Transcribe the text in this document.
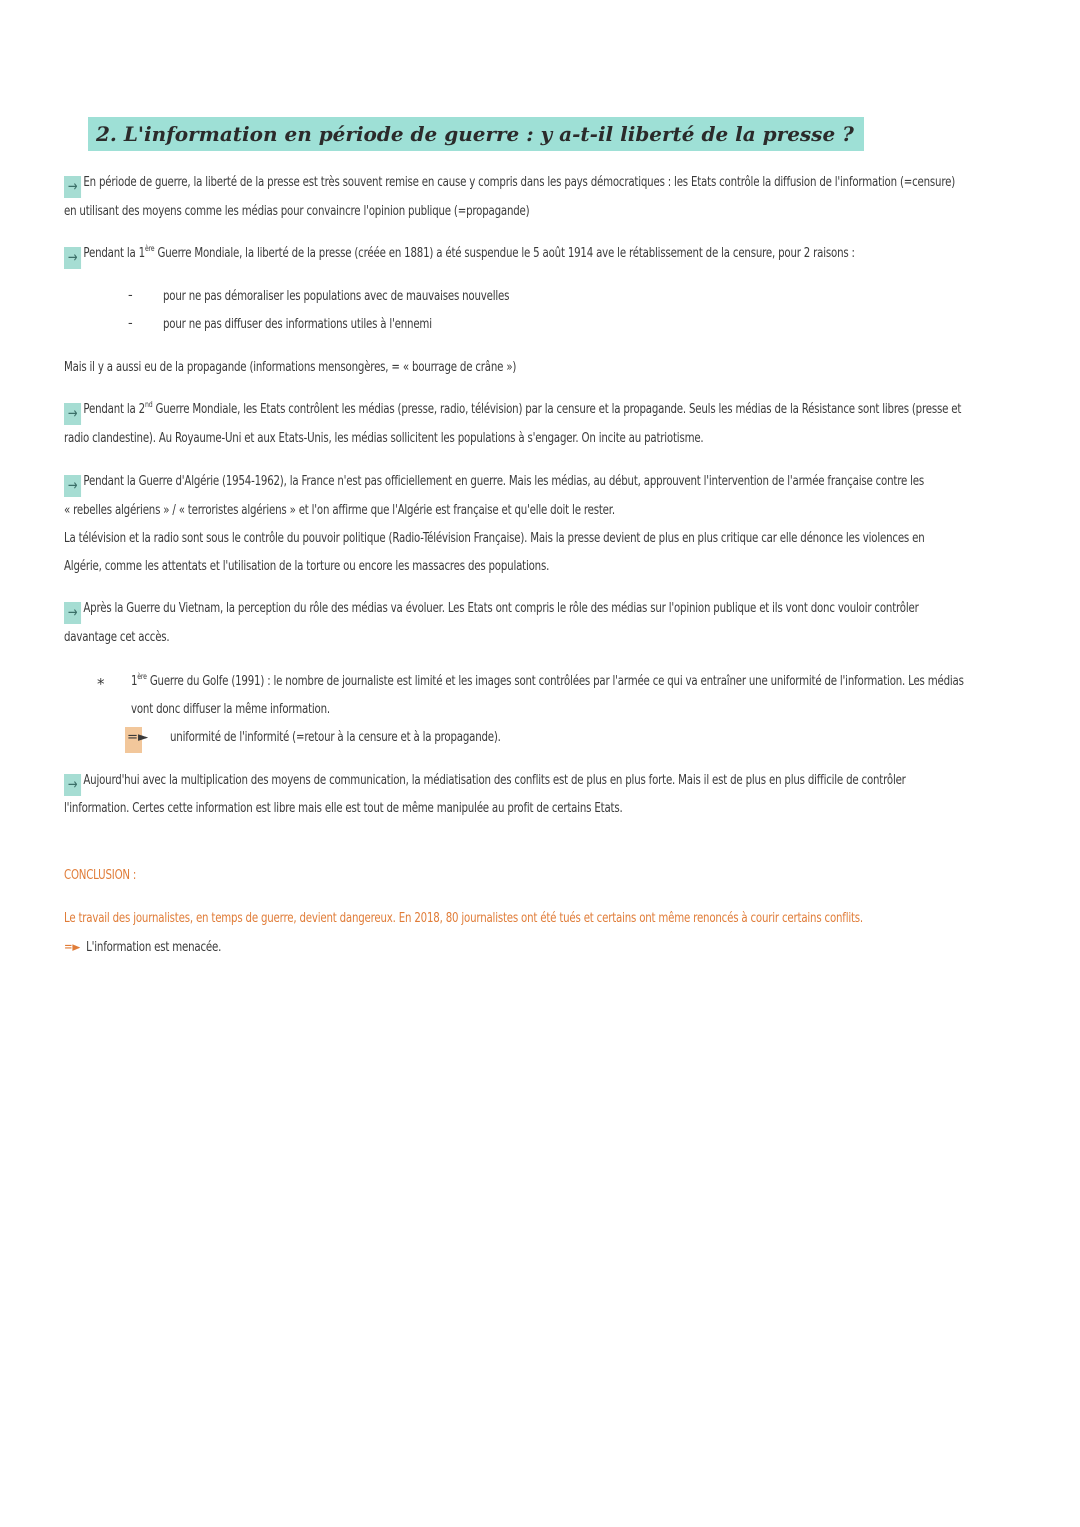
2. L'information en période de guerre : y a-t-il liberté de la presse ?
→ En période de guerre, la liberté de la presse est très souvent remise en cause y compris dans les pays démocratiques : les Etats contrôle la diffusion de l'information (=censure)
en utilisant des moyens comme les médias pour convaincre l'opinion publique (=propagande)
→ Pendant la 1ère Guerre Mondiale, la liberté de la presse (créée en 1881) a été suspendue le 5 août 1914 ave le rétablissement de la censure, pour 2 raisons :
- pour ne pas démoraliser les populations avec de mauvaises nouvelles
- pour ne pas diffuser des informations utiles à l'ennemi
Mais il y a aussi eu de la propagande (informations mensongères, = « bourrage de crâne »)
→ Pendant la 2nd Guerre Mondiale, les Etats contrôlent les médias (presse, radio, télévision) par la censure et la propagande. Seuls les médias de la Résistance sont libres (presse et
radio clandestine). Au Royaume-Uni et aux Etats-Unis, les médias sollicitent les populations à s'engager. On incite au patriotisme.
→ Pendant la Guerre d'Algérie (1954-1962), la France n'est pas officiellement en guerre. Mais les médias, au début, approuvent l'intervention de l'armée française contre les
« rebelles algériens » / « terroristes algériens » et l'on affirme que l'Algérie est française et qu'elle doit le rester.
La télévision et la radio sont sous le contrôle du pouvoir politique (Radio-Télévision Française). Mais la presse devient de plus en plus critique car elle dénonce les violences en
Algérie, comme les attentats et l'utilisation de la torture ou encore les massacres des populations.
→ Après la Guerre du Vietnam, la perception du rôle des médias va évoluer. Les Etats ont compris le rôle des médias sur l'opinion publique et ils vont donc vouloir contrôler
davantage cet accès.
* 1ère Guerre du Golfe (1991) : le nombre de journaliste est limité et les images sont contrôlées par l'armée ce qui va entraîner une uniformité de l'information. Les médias
vont donc diffuser la même information.
=► uniformité de l'informité (=retour à la censure et à la propagande).
→ Aujourd'hui avec la multiplication des moyens de communication, la médiatisation des conflits est de plus en plus forte. Mais il est de plus en plus difficile de contrôler
l'information. Certes cette information est libre mais elle est tout de même manipulée au profit de certains Etats.
CONCLUSION :
Le travail des journalistes, en temps de guerre, devient dangereux. En 2018, 80 journalistes ont été tués et certains ont même renoncés à courir certains conflits.
=► L'information est menacée.
